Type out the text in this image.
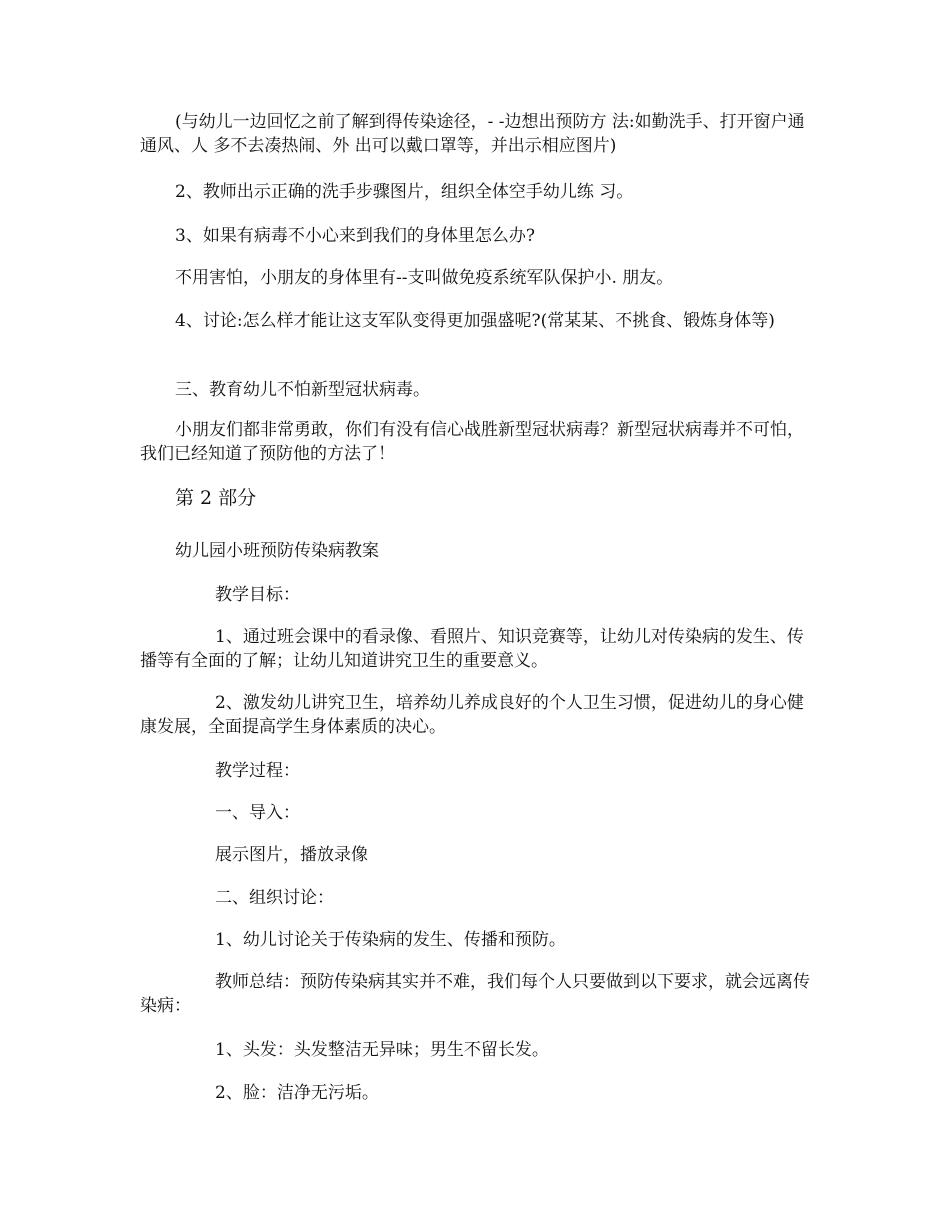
(与幼儿一边回忆之前了解到得传染途径，- -边想出预防方 法:如勤洗手、打开窗户通通风、人 多不去凑热闹、外 出可以戴口罩等，并出示相应图片)

2、教师出示正确的洗手步骤图片，组织全体空手幼儿练 习。

3、如果有病毒不小心来到我们的身体里怎么办?

不用害怕，小朋友的身体里有--支叫做免疫系统军队保护小. 朋友。

4、讨论:怎么样才能让这支军队变得更加强盛呢?(常某某、不挑食、锻炼身体等)

三、教育幼儿不怕新型冠状病毒。

小朋友们都非常勇敢，你们有没有信心战胜新型冠状病毒？新型冠状病毒并不可怕，我们已经知道了预防他的方法了！

第 2 部分

幼儿园小班预防传染病教案

教学目标：

1、通过班会课中的看录像、看照片、知识竞赛等，让幼儿对传染病的发生、传播等有全面的了解；让幼儿知道讲究卫生的重要意义。

2、激发幼儿讲究卫生，培养幼儿养成良好的个人卫生习惯，促进幼儿的身心健康发展，全面提高学生身体素质的决心。

教学过程：

一、导入：

展示图片，播放录像

二、组织讨论：

1、幼儿讨论关于传染病的发生、传播和预防。

教师总结：预防传染病其实并不难，我们每个人只要做到以下要求，就会远离传染病：

1、头发：头发整洁无异味；男生不留长发。

2、脸：洁净无污垢。
